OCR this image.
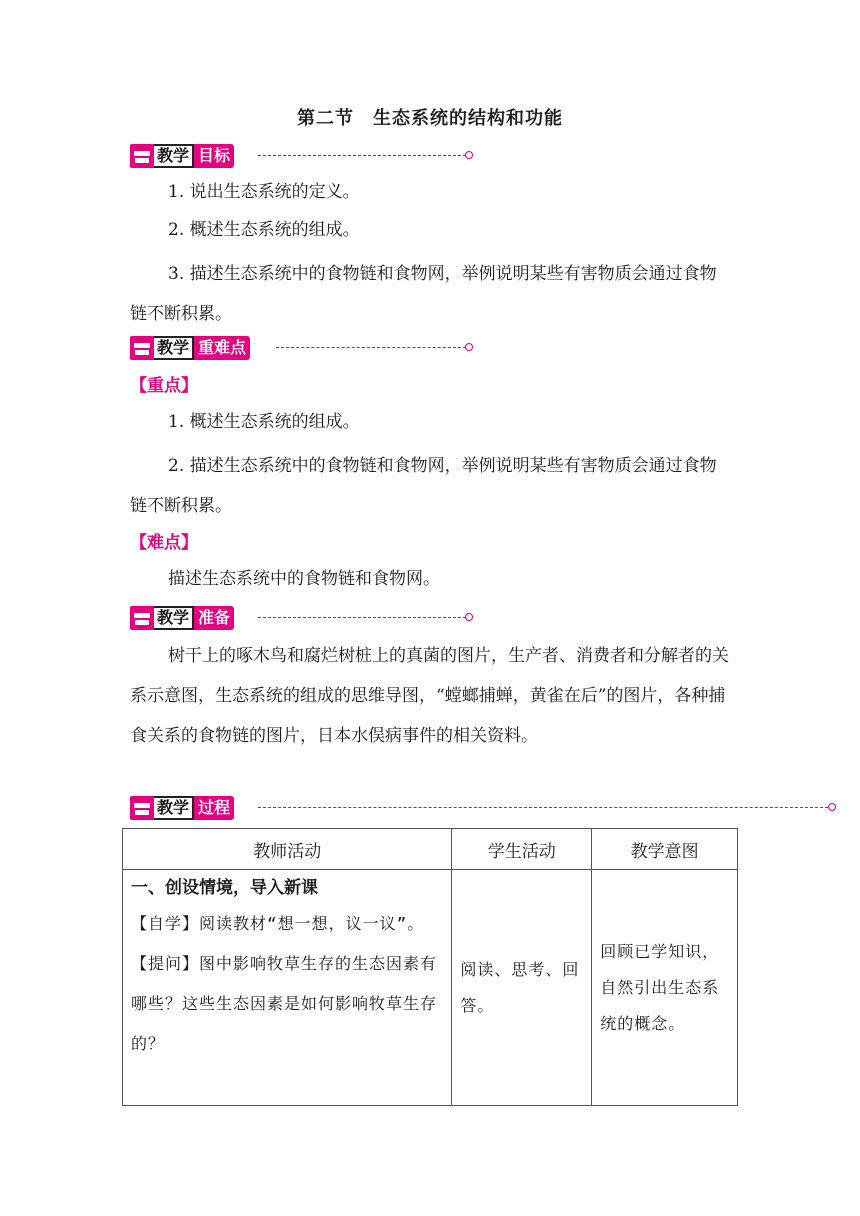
第二节　生态系统的结构和功能
教学 目标
1. 说出生态系统的定义。
2. 概述生态系统的组成。
3. 描述生态系统中的食物链和食物网，举例说明某些有害物质会通过食物链不断积累。
教学 重难点
【重点】
1. 概述生态系统的组成。
2. 描述生态系统中的食物链和食物网，举例说明某些有害物质会通过食物链不断积累。
【难点】
描述生态系统中的食物链和食物网。
教学 准备
树干上的啄木鸟和腐烂树桩上的真菌的图片，生产者、消费者和分解者的关系示意图，生态系统的组成的思维导图，“螳螂捕蝉，黄雀在后”的图片，各种捕食关系的食物链的图片，日本水俣病事件的相关资料。
教学 过程
教师活动	学生活动	教学意图

一、创设情境，导入新课
【自学】阅读教材“想一想，议一议”。
【提问】图中影响牧草生存的生态因素有哪些？这些生态因素是如何影响牧草生存的？	阅读、思考、回答。	回顾已学知识，自然引出生态系统的概念。
